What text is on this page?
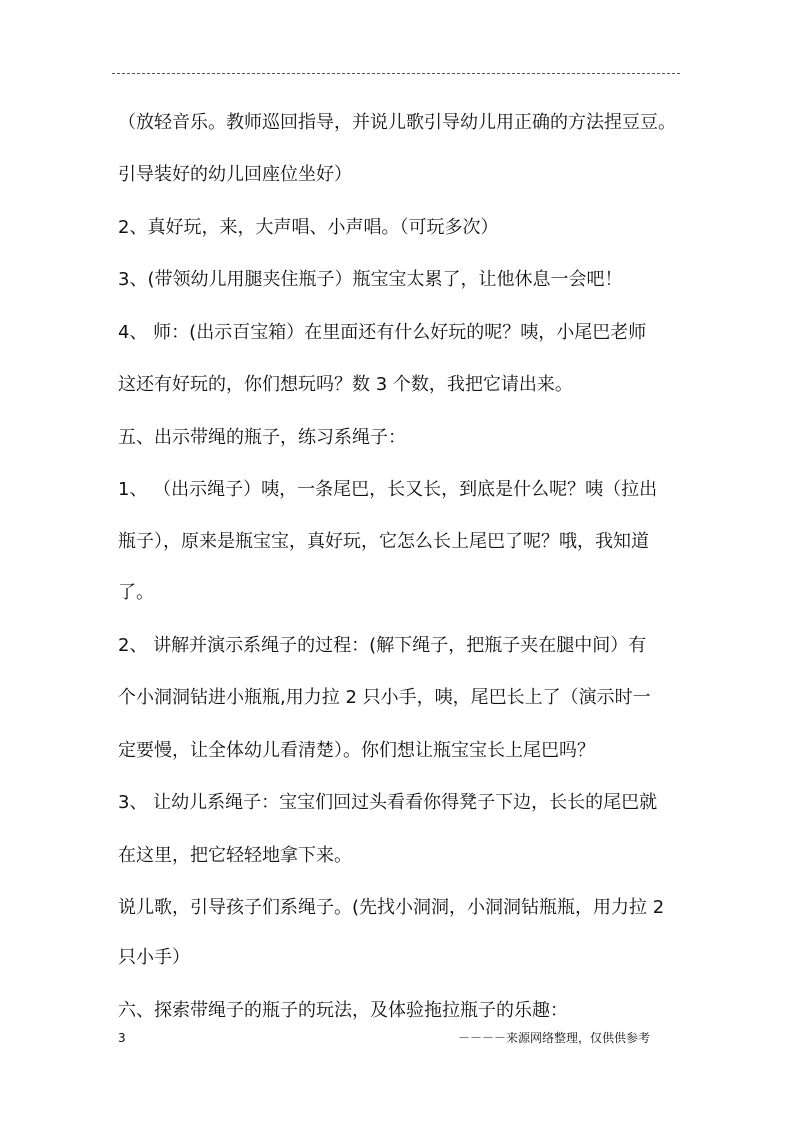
（放轻音乐。教师巡回指导，并说儿歌引导幼儿用正确的方法捏豆豆。
引导装好的幼儿回座位坐好）
2、真好玩，来，大声唱、小声唱。（可玩多次）
3、(带领幼儿用腿夹住瓶子）瓶宝宝太累了，让他休息一会吧！
4、 师：(出示百宝箱）在里面还有什么好玩的呢？咦，小尾巴老师
这还有好玩的，你们想玩吗？数 3 个数，我把它请出来。
五、出示带绳的瓶子，练习系绳子：
1、 （出示绳子）咦，一条尾巴，长又长，到底是什么呢？咦（拉出
瓶子），原来是瓶宝宝，真好玩，它怎么长上尾巴了呢？哦，我知道
了。
2、 讲解并演示系绳子的过程：(解下绳子，把瓶子夹在腿中间）有
个小洞洞钻进小瓶瓶,用力拉 2 只小手，咦，尾巴长上了（演示时一
定要慢，让全体幼儿看清楚）。你们想让瓶宝宝长上尾巴吗？
3、 让幼儿系绳子：宝宝们回过头看看你得凳子下边，长长的尾巴就
在这里，把它轻轻地拿下来。
说儿歌，引导孩子们系绳子。(先找小洞洞，小洞洞钻瓶瓶，用力拉 2
只小手）
六、探索带绳子的瓶子的玩法，及体验拖拉瓶子的乐趣：
3	－－－－来源网络整理，仅供供参考
